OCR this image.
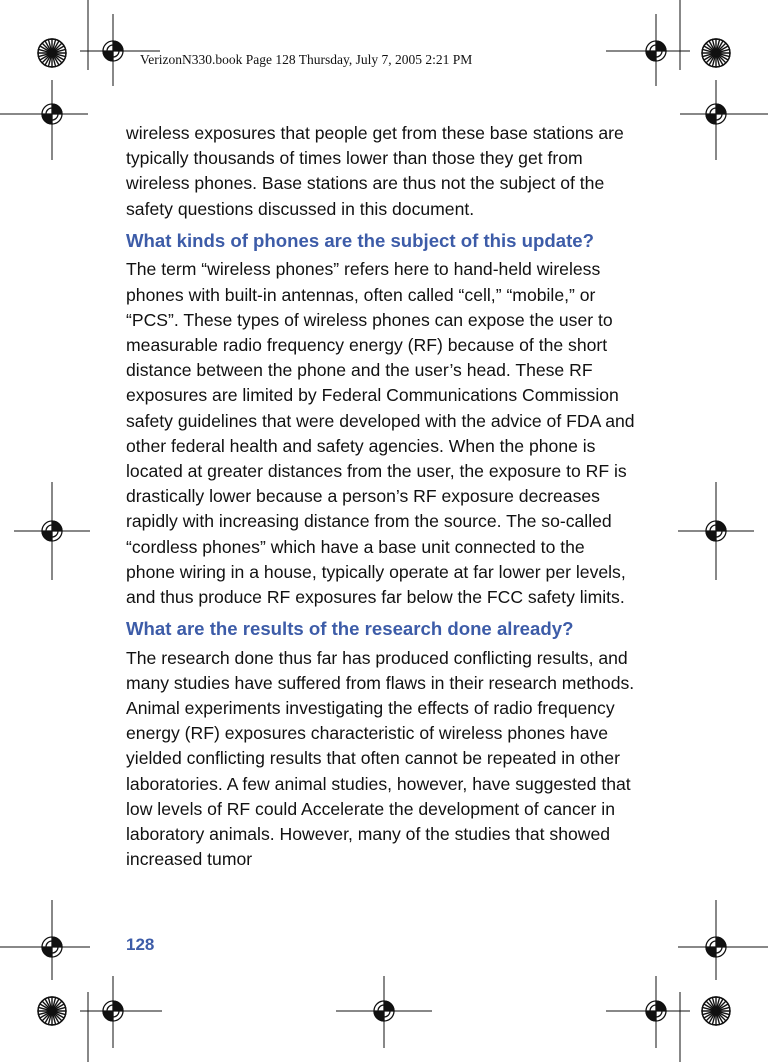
VerizonN330.book Page 128 Thursday, July 7, 2005 2:21 PM

wireless exposures that people get from these base stations are typically thousands of times lower than those they get from wireless phones. Base stations are thus not the subject of the safety questions discussed in this document.

What kinds of phones are the subject of this update?

The term “wireless phones” refers here to hand-held wireless phones with built-in antennas, often called “cell,” “mobile,” or “PCS”. These types of wireless phones can expose the user to measurable radio frequency energy (RF) because of the short distance between the phone and the user’s head. These RF exposures are limited by Federal Communications Commission safety guidelines that were developed with the advice of FDA and other federal health and safety agencies. When the phone is located at greater distances from the user, the exposure to RF is drastically lower because a person’s RF exposure decreases rapidly with increasing distance from the source. The so-called “cordless phones” which have a base unit connected to the phone wiring in a house, typically operate at far lower per levels, and thus produce RF exposures far below the FCC safety limits.

What are the results of the research done already?

The research done thus far has produced conflicting results, and many studies have suffered from flaws in their research methods. Animal experiments investigating the effects of radio frequency energy (RF) exposures characteristic of wireless phones have yielded conflicting results that often cannot be repeated in other laboratories. A few animal studies, however, have suggested that low levels of RF could Accelerate the development of cancer in laboratory animals. However, many of the studies that showed increased tumor

128
